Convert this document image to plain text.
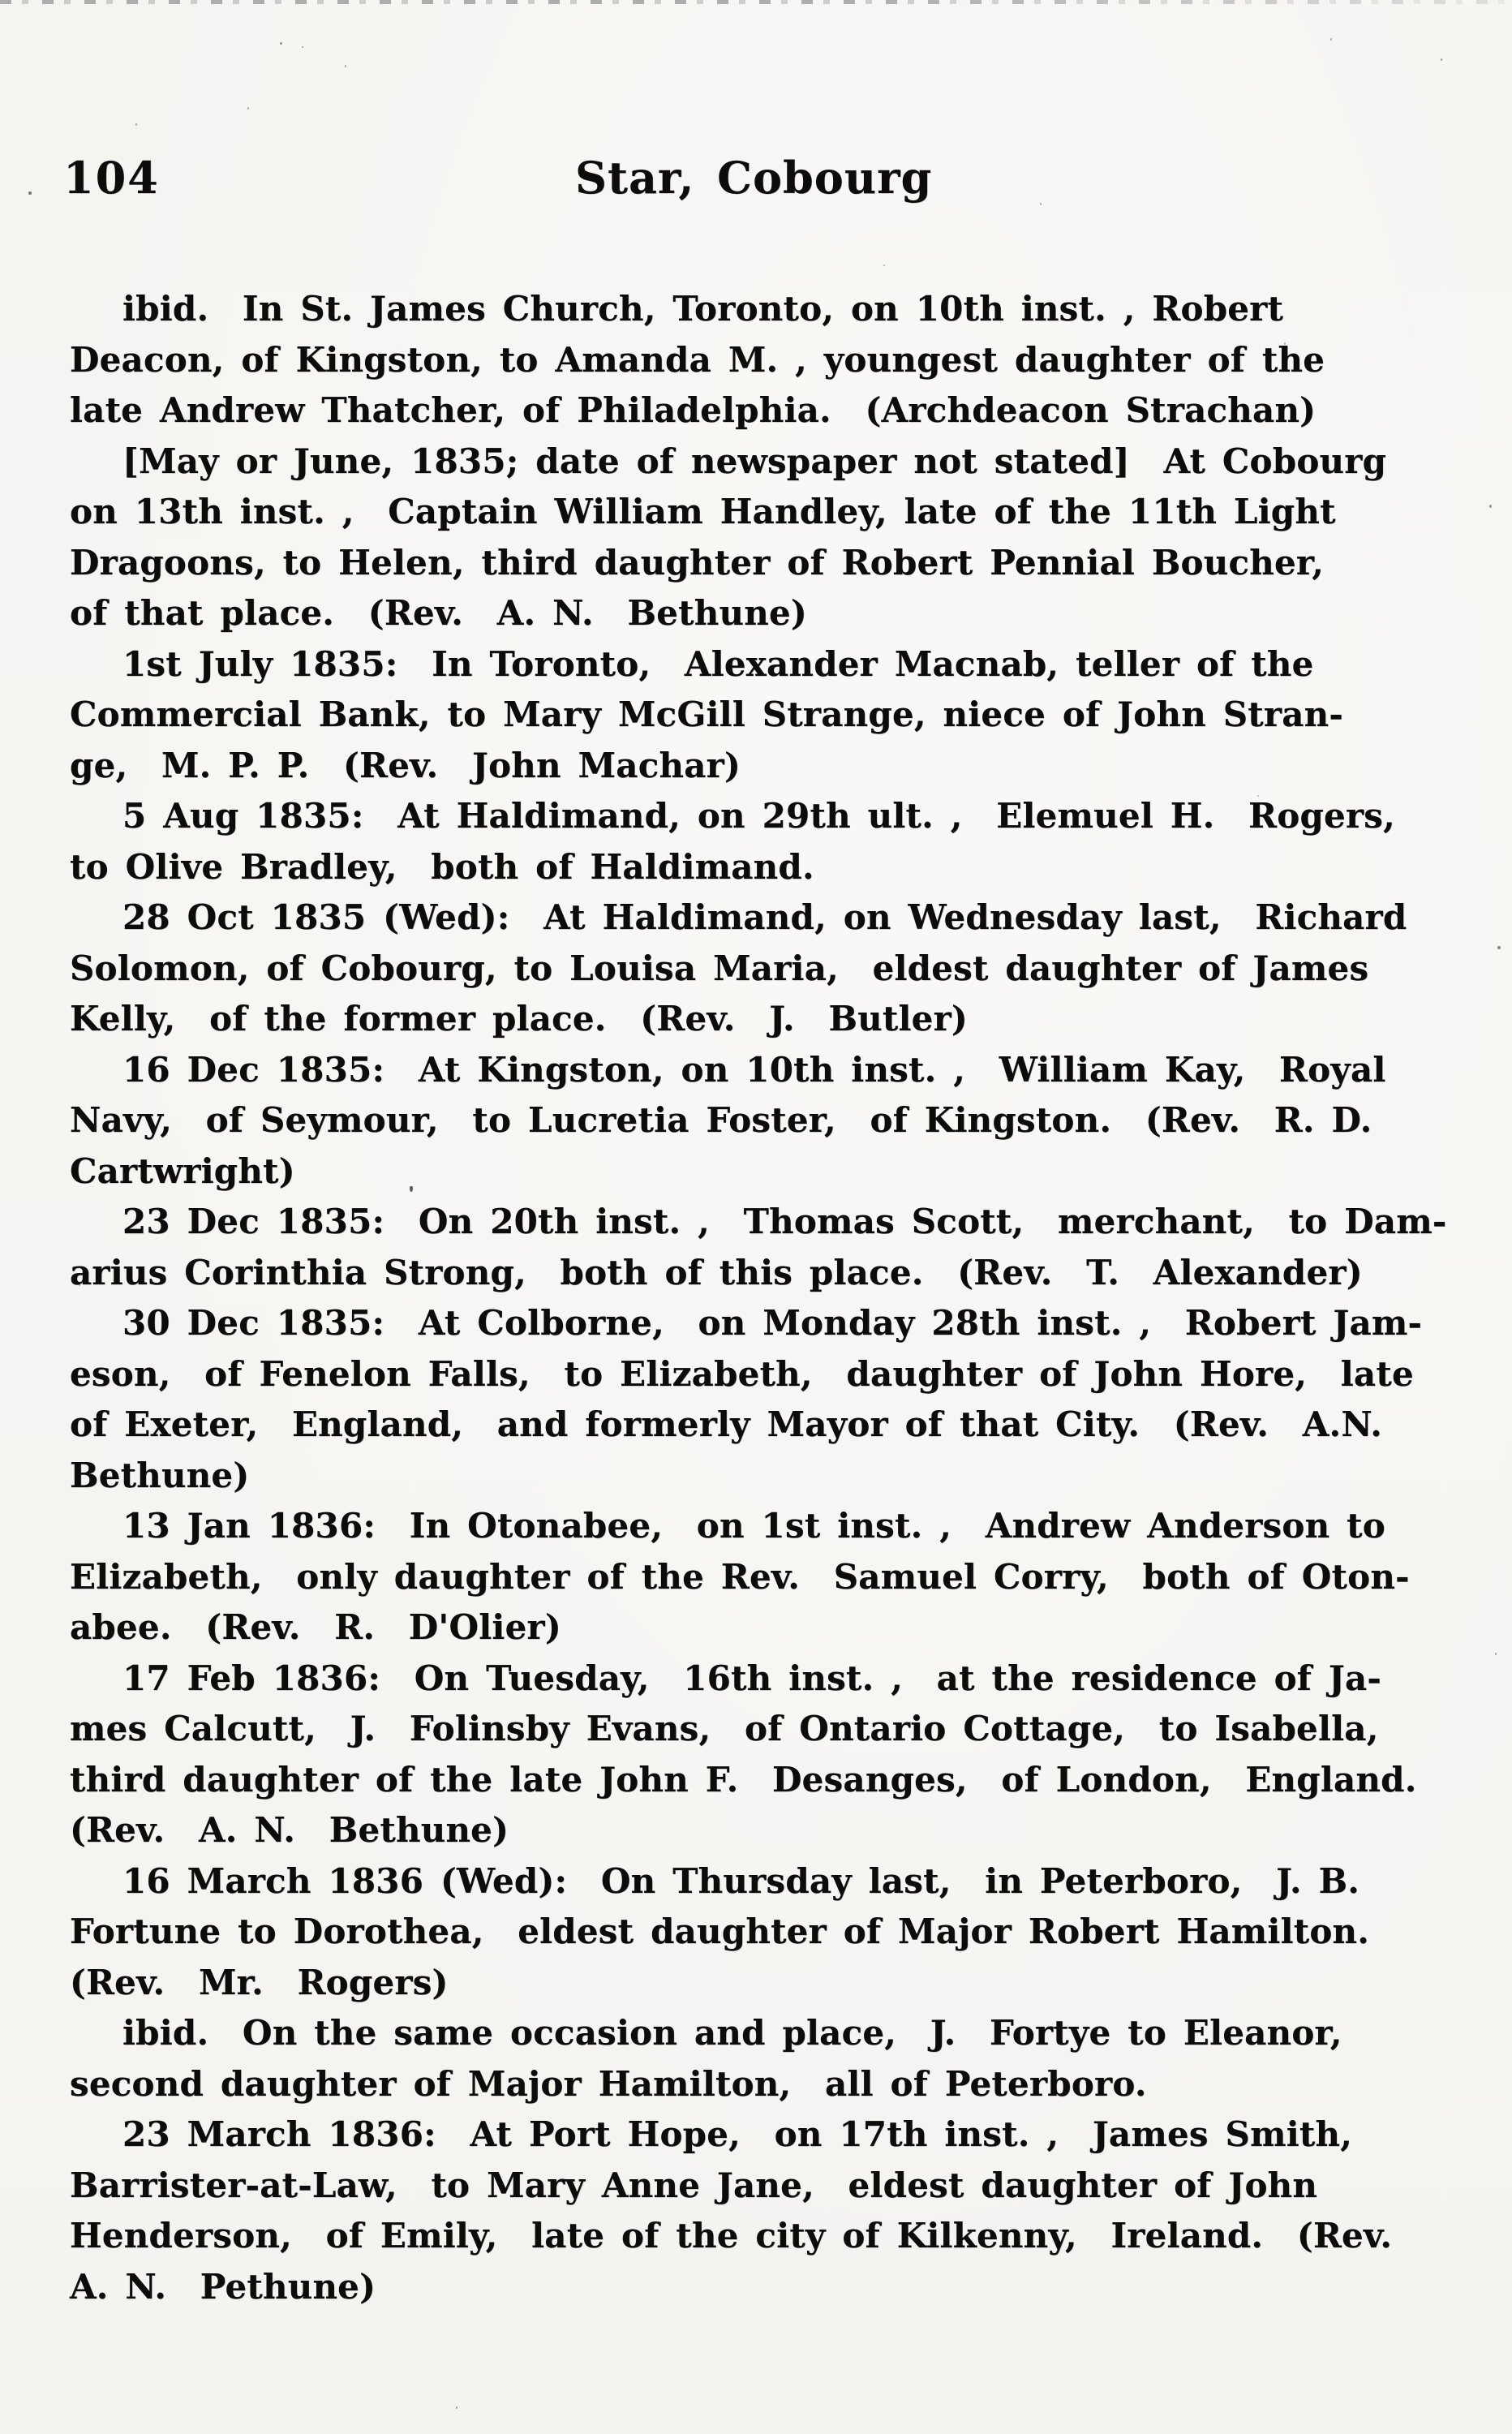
104	Star, Cobourg
ibid.  In St. James Church, Toronto, on 10th inst. , Robert
Deacon, of Kingston, to Amanda M. , youngest daughter of the
late Andrew Thatcher, of Philadelphia.  (Archdeacon Strachan)
[May or June, 1835; date of newspaper not stated]  At Cobourg
on 13th inst. ,  Captain William Handley, late of the 11th Light
Dragoons, to Helen, third daughter of Robert Pennial Boucher,
of that place.  (Rev.  A. N.  Bethune)
1st July 1835:  In Toronto,  Alexander Macnab, teller of the
Commercial Bank, to Mary McGill Strange, niece of John Stran-
ge,  M. P. P.  (Rev.  John Machar)
5 Aug 1835:  At Haldimand, on 29th ult. ,  Elemuel H.  Rogers,
to Olive Bradley,  both of Haldimand.
28 Oct 1835 (Wed):  At Haldimand, on Wednesday last,  Richard
Solomon, of Cobourg, to Louisa Maria,  eldest daughter of James
Kelly,  of the former place.  (Rev.  J.  Butler)
16 Dec 1835:  At Kingston, on 10th inst. ,  William Kay,  Royal
Navy,  of Seymour,  to Lucretia Foster,  of Kingston.  (Rev.  R. D.
Cartwright)
23 Dec 1835:  On 20th inst. ,  Thomas Scott,  merchant,  to Dam-
arius Corinthia Strong,  both of this place.  (Rev.  T.  Alexander)
30 Dec 1835:  At Colborne,  on Monday 28th inst. ,  Robert Jam-
eson,  of Fenelon Falls,  to Elizabeth,  daughter of John Hore,  late
of Exeter,  England,  and formerly Mayor of that City.  (Rev.  A.N.
Bethune)
13 Jan 1836:  In Otonabee,  on 1st inst. ,  Andrew Anderson to
Elizabeth,  only daughter of the Rev.  Samuel Corry,  both of Oton-
abee.  (Rev.  R.  D'Olier)
17 Feb 1836:  On Tuesday,  16th inst. ,  at the residence of Ja-
mes Calcutt,  J.  Folinsby Evans,  of Ontario Cottage,  to Isabella,
third daughter of the late John F.  Desanges,  of London,  England.
(Rev.  A. N.  Bethune)
16 March 1836 (Wed):  On Thursday last,  in Peterboro,  J. B.
Fortune to Dorothea,  eldest daughter of Major Robert Hamilton.
(Rev.  Mr.  Rogers)
ibid.  On the same occasion and place,  J.  Fortye to Eleanor,
second daughter of Major Hamilton,  all of Peterboro.
23 March 1836:  At Port Hope,  on 17th inst. ,  James Smith,
Barrister-at-Law,  to Mary Anne Jane,  eldest daughter of John
Henderson,  of Emily,  late of the city of Kilkenny,  Ireland.  (Rev.
A. N.  Pethune)
